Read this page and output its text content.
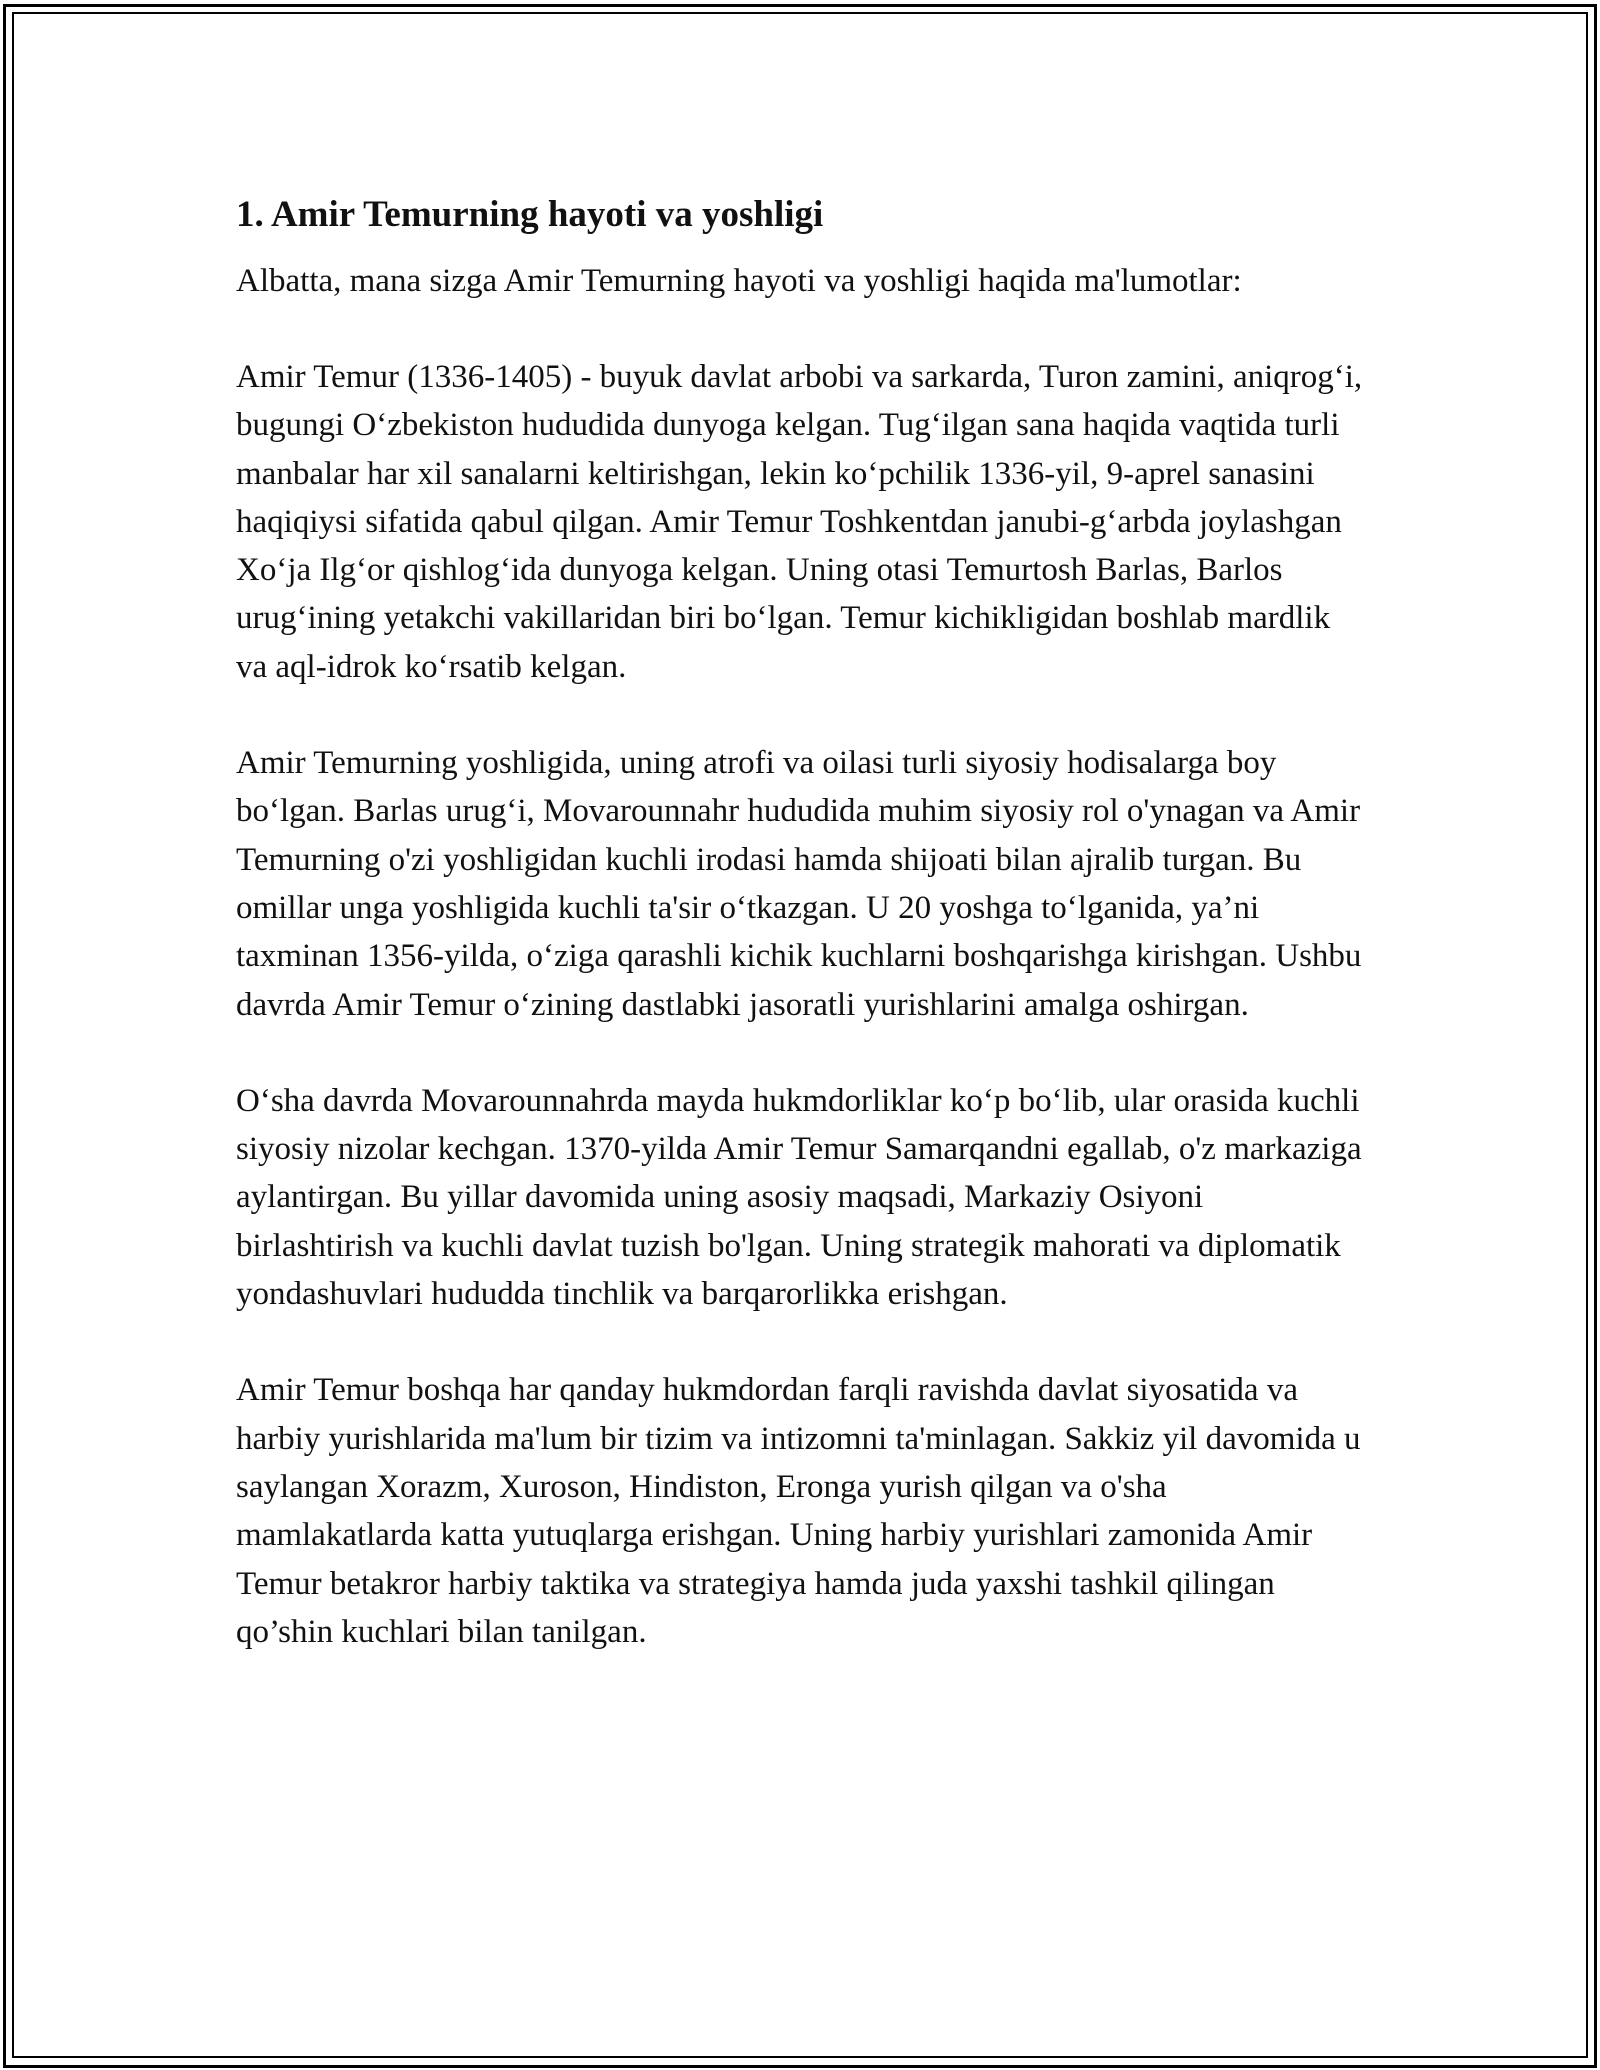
1. Amir Temurning hayoti va yoshligi

Albatta, mana sizga Amir Temurning hayoti va yoshligi haqida ma'lumotlar:

Amir Temur (1336-1405) - buyuk davlat arbobi va sarkarda, Turon zamini, aniqrog‘i, bugungi O‘zbekiston hududida dunyoga kelgan. Tug‘ilgan sana haqida vaqtida turli manbalar har xil sanalarni keltirishgan, lekin ko‘pchilik 1336-yil, 9-aprel sanasini haqiqiysi sifatida qabul qilgan. Amir Temur Toshkentdan janubi-g‘arbda joylashgan Xo‘ja Ilg‘or qishlog‘ida dunyoga kelgan. Uning otasi Temurtosh Barlas, Barlos urug‘ining yetakchi vakillaridan biri bo‘lgan. Temur kichikligidan boshlab mardlik va aql-idrok ko‘rsatib kelgan.

Amir Temurning yoshligida, uning atrofi va oilasi turli siyosiy hodisalarga boy bo‘lgan. Barlas urug‘i, Movarounnahr hududida muhim siyosiy rol o'ynagan va Amir Temurning o'zi yoshligidan kuchli irodasi hamda shijoati bilan ajralib turgan. Bu omillar unga yoshligida kuchli ta'sir o‘tkazgan. U 20 yoshga to‘lganida, ya’ni taxminan 1356-yilda, o‘ziga qarashli kichik kuchlarni boshqarishga kirishgan. Ushbu davrda Amir Temur o‘zining dastlabki jasoratli yurishlarini amalga oshirgan.

O‘sha davrda Movarounnahrda mayda hukmdorliklar ko‘p bo‘lib, ular orasida kuchli siyosiy nizolar kechgan. 1370-yilda Amir Temur Samarqandni egallab, o'z markaziga aylantirgan. Bu yillar davomida uning asosiy maqsadi, Markaziy Osiyoni birlashtirish va kuchli davlat tuzish bo'lgan. Uning strategik mahorati va diplomatik yondashuvlari hududda tinchlik va barqarorlikka erishgan.

Amir Temur boshqa har qanday hukmdordan farqli ravishda davlat siyosatida va harbiy yurishlarida ma'lum bir tizim va intizomni ta'minlagan. Sakkiz yil davomida u saylangan Xorazm, Xuroson, Hindiston, Eronga yurish qilgan va o'sha mamlakatlarda katta yutuqlarga erishgan. Uning harbiy yurishlari zamonida Amir Temur betakror harbiy taktika va strategiya hamda juda yaxshi tashkil qilingan qo’shin kuchlari bilan tanilgan.
